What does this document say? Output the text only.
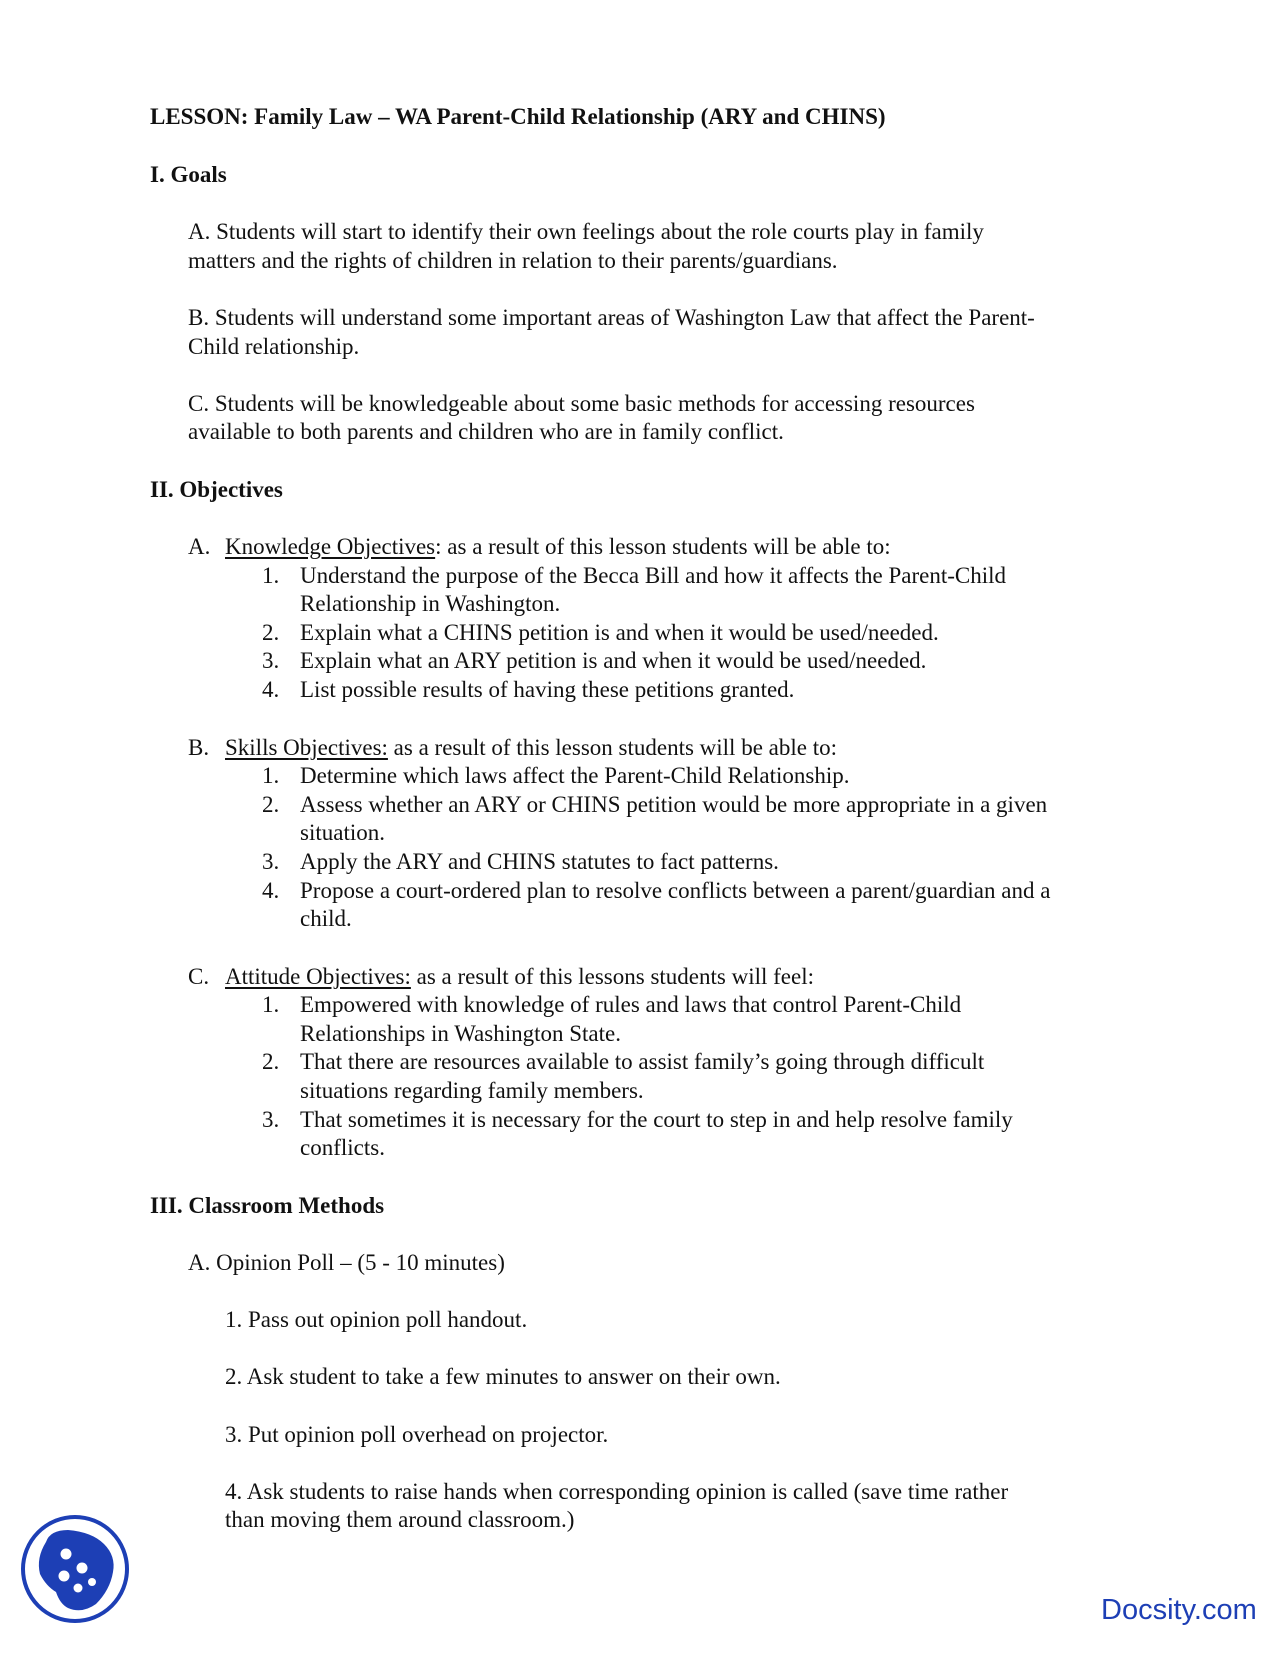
LESSON: Family Law – WA Parent-Child Relationship (ARY and CHINS)
I. Goals
A. Students will start to identify their own feelings about the role courts play in family
matters and the rights of children in relation to their parents/guardians.
B. Students will understand some important areas of Washington Law that affect the Parent-
Child relationship.
C. Students will be knowledgeable about some basic methods for accessing resources
available to both parents and children who are in family conflict.
II. Objectives
A. Knowledge Objectives: as a result of this lesson students will be able to:
1. Understand the purpose of the Becca Bill and how it affects the Parent-Child
Relationship in Washington.
2. Explain what a CHINS petition is and when it would be used/needed.
3. Explain what an ARY petition is and when it would be used/needed.
4. List possible results of having these petitions granted.
B. Skills Objectives: as a result of this lesson students will be able to:
1. Determine which laws affect the Parent-Child Relationship.
2. Assess whether an ARY or CHINS petition would be more appropriate in a given
situation.
3. Apply the ARY and CHINS statutes to fact patterns.
4. Propose a court-ordered plan to resolve conflicts between a parent/guardian and a
child.
C. Attitude Objectives: as a result of this lessons students will feel:
1. Empowered with knowledge of rules and laws that control Parent-Child
Relationships in Washington State.
2. That there are resources available to assist family’s going through difficult
situations regarding family members.
3. That sometimes it is necessary for the court to step in and help resolve family
conflicts.
III. Classroom Methods
A. Opinion Poll – (5 - 10 minutes)
1. Pass out opinion poll handout.
2. Ask student to take a few minutes to answer on their own.
3. Put opinion poll overhead on projector.
4. Ask students to raise hands when corresponding opinion is called (save time rather
than moving them around classroom.)
Docsity.com
